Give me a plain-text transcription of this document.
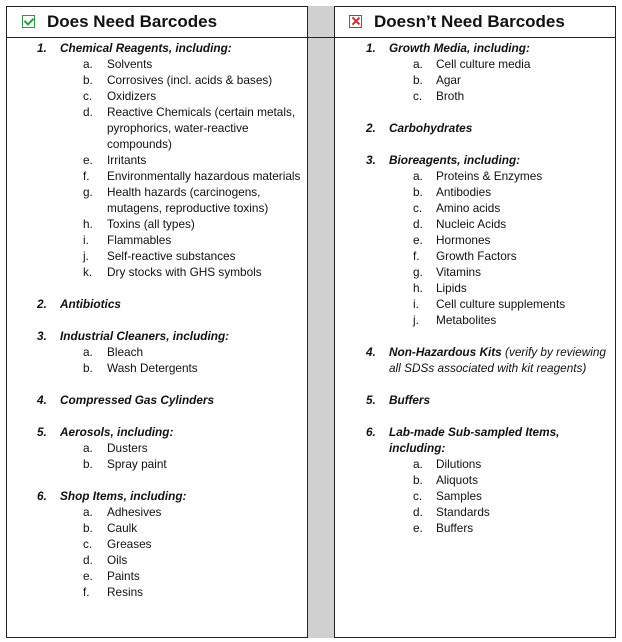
Does Need Barcodes
1. Chemical Reagents, including:
a. Solvents
b. Corrosives (incl. acids & bases)
c. Oxidizers
d. Reactive Chemicals (certain metals, pyrophorics, water-reactive compounds)
e. Irritants
f. Environmentally hazardous materials
g. Health hazards (carcinogens, mutagens, reproductive toxins)
h. Toxins (all types)
i. Flammables
j. Self-reactive substances
k. Dry stocks with GHS symbols
2. Antibiotics
3. Industrial Cleaners, including:
a. Bleach
b. Wash Detergents
4. Compressed Gas Cylinders
5. Aerosols, including:
a. Dusters
b. Spray paint
6. Shop Items, including:
a. Adhesives
b. Caulk
c. Greases
d. Oils
e. Paints
f. Resins
Doesn’t Need Barcodes
1. Growth Media, including:
a. Cell culture media
b. Agar
c. Broth
2. Carbohydrates
3. Bioreagents, including:
a. Proteins & Enzymes
b. Antibodies
c. Amino acids
d. Nucleic Acids
e. Hormones
f. Growth Factors
g. Vitamins
h. Lipids
i. Cell culture supplements
j. Metabolites
4. Non-Hazardous Kits (verify by reviewing all SDSs associated with kit reagents)
5. Buffers
6. Lab-made Sub-sampled Items, including:
a. Dilutions
b. Aliquots
c. Samples
d. Standards
e. Buffers
